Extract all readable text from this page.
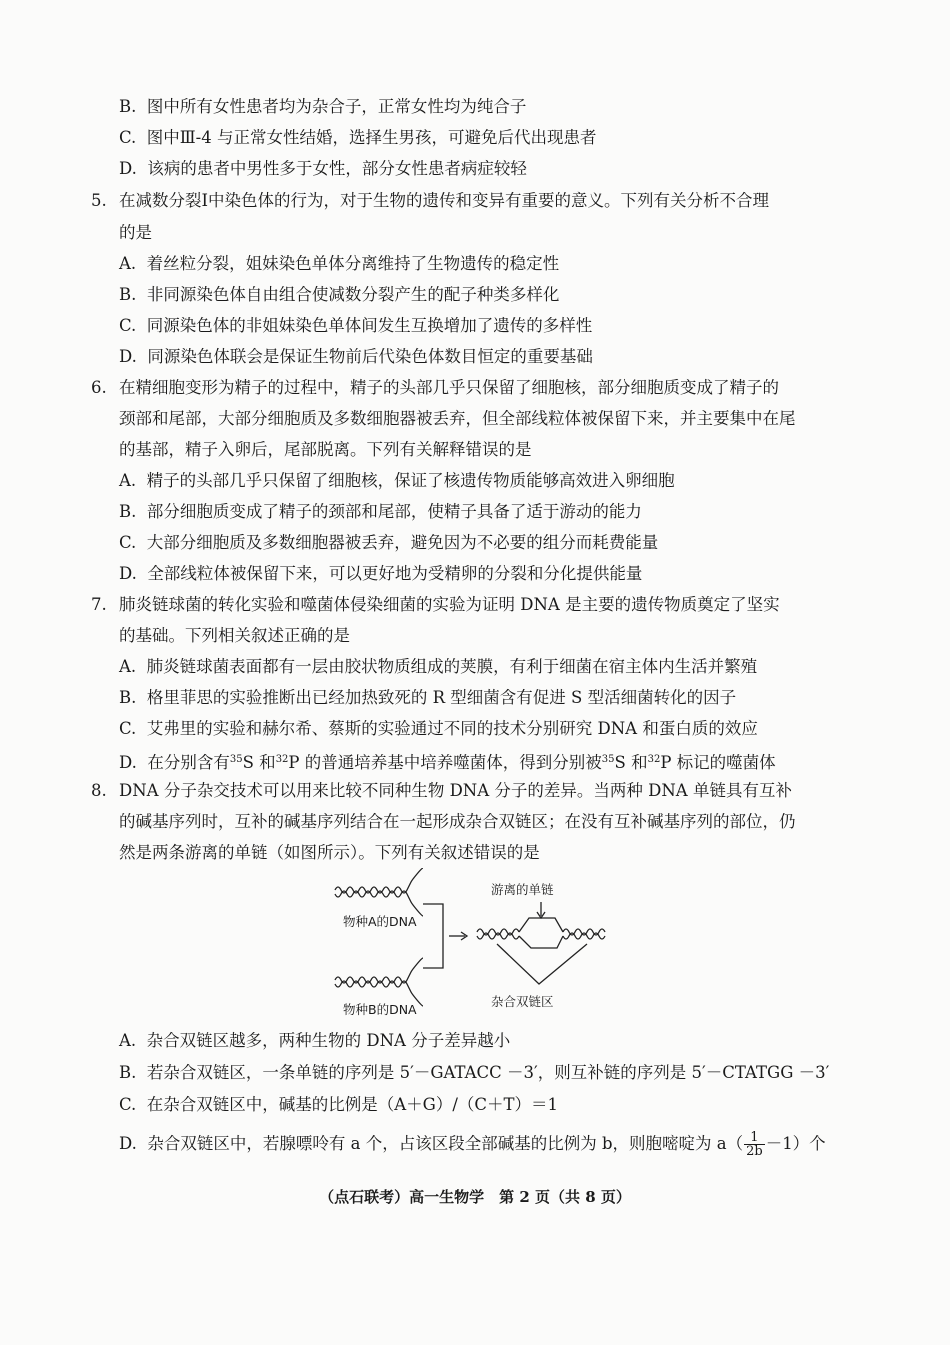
B.  图中所有女性患者均为杂合子，正常女性均为纯合子
C.  图中Ⅲ-4 与正常女性结婚，选择生男孩，可避免后代出现患者
D.  该病的患者中男性多于女性，部分女性患者病症较轻
5. 在减数分裂Ⅰ中染色体的行为，对于生物的遗传和变异有重要的意义。下列有关分析不合理
的是
A.  着丝粒分裂，姐妹染色单体分离维持了生物遗传的稳定性
B.  非同源染色体自由组合使减数分裂产生的配子种类多样化
C.  同源染色体的非姐妹染色单体间发生互换增加了遗传的多样性
D.  同源染色体联会是保证生物前后代染色体数目恒定的重要基础
6. 在精细胞变形为精子的过程中，精子的头部几乎只保留了细胞核，部分细胞质变成了精子的
颈部和尾部，大部分细胞质及多数细胞器被丢弃，但全部线粒体被保留下来，并主要集中在尾
的基部，精子入卵后，尾部脱离。下列有关解释错误的是
A.  精子的头部几乎只保留了细胞核，保证了核遗传物质能够高效进入卵细胞
B.  部分细胞质变成了精子的颈部和尾部，使精子具备了适于游动的能力
C.  大部分细胞质及多数细胞器被丢弃，避免因为不必要的组分而耗费能量
D.  全部线粒体被保留下来，可以更好地为受精卵的分裂和分化提供能量
7. 肺炎链球菌的转化实验和噬菌体侵染细菌的实验为证明 DNA 是主要的遗传物质奠定了坚实
的基础。下列相关叙述正确的是
A.  肺炎链球菌表面都有一层由胶状物质组成的荚膜，有利于细菌在宿主体内生活并繁殖
B.  格里菲思的实验推断出已经加热致死的 R 型细菌含有促进 S 型活细菌转化的因子
C.  艾弗里的实验和赫尔希、蔡斯的实验通过不同的技术分别研究 DNA 和蛋白质的效应
D.  在分别含有$^{35}$S 和$^{32}$P 的普通培养基中培养噬菌体，得到分别被$^{35}$S 和$^{32}$P 标记的噬菌体
8. DNA 分子杂交技术可以用来比较不同种生物 DNA 分子的差异。当两种 DNA 单链具有互补
的碱基序列时，互补的碱基序列结合在一起形成杂合双链区；在没有互补碱基序列的部位，仍
然是两条游离的单链（如图所示）。下列有关叙述错误的是
物种A的DNA
物种B的DNA
游离的单链
杂合双链区
A.  杂合双链区越多，两种生物的 DNA 分子差异越小
B.  若杂合双链区，一条单链的序列是 5′－GATACC －3′，则互补链的序列是 5′－CTATGG －3′
C.  在杂合双链区中，碱基的比例是（A＋G）/（C＋T）＝1
D.  杂合双链区中，若腺嘌呤有 a 个，占该区段全部碱基的比例为 b，则胞嘧啶为 $a( \frac{1}{2b} -1)$个
（点石联考）高一生物学　第 2 页（共 8 页）
